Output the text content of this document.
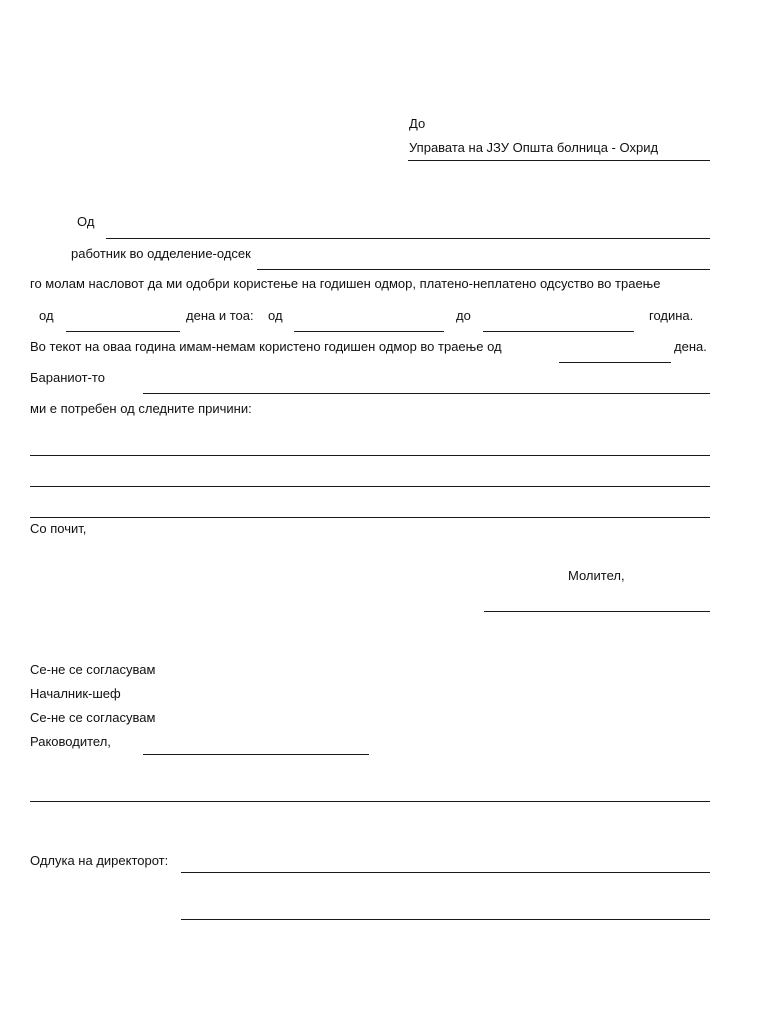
До
Управата на ЈЗУ Општа болница - Охрид
Од
работник во одделение-одсек
го молам насловот да ми одобри користење на годишен одмор, платено-неплатено одсуство во траење
од	дена и тоа: од	до	година.
Во текот на оваа година имам-немам користено годишен одмор во траење од	дена.
Бараниот-то
ми е потребен од следните причини:
Со почит,
Молител,
Се-не се согласувам
Началник-шеф
Се-не се согласувам
Раководител,
Одлука на директорот:
